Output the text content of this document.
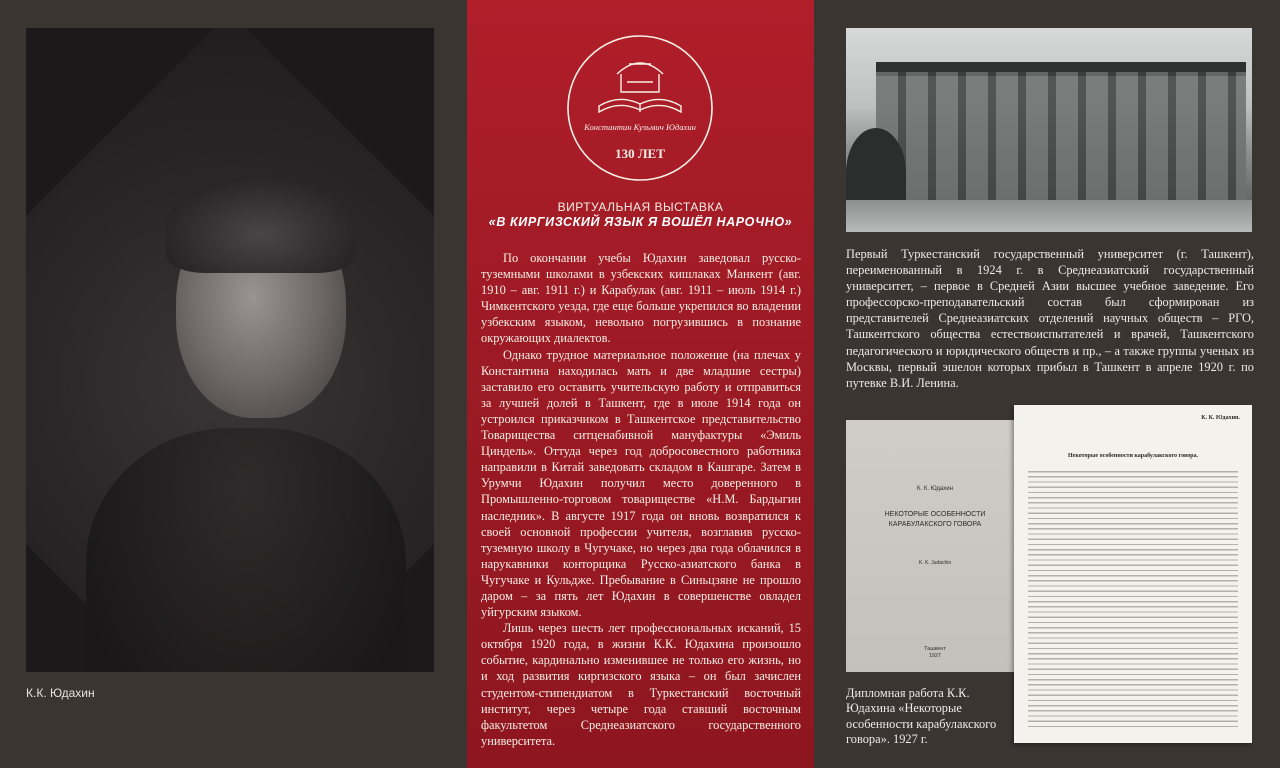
К.К. Юдахин
Константин Кузьмич Юдахин
130 ЛЕТ
ВИРТУАЛЬНАЯ ВЫСТАВКА
«В КИРГИЗСКИЙ ЯЗЫК Я ВОШЁЛ НАРОЧНО»

По окончании учебы Юдахин заведовал русско-туземными школами в узбекских кишлаках Манкент (авг. 1910 – авг. 1911 г.) и Карабулак (авг. 1911 – июль 1914 г.) Чимкентского уезда, где еще больше укрепился во владении узбекским языком, невольно погрузившись в познание окружающих диалектов.

Однако трудное материальное положение (на плечах у Константина находилась мать и две младшие сестры) заставило его оставить учительскую работу и отправиться за лучшей долей в Ташкент, где в июле 1914 года он устроился приказчиком в Ташкентское представительство Товарищества ситценабивной мануфактуры «Эмиль Циндель». Оттуда через год добросовестного работника направили в Китай заведовать складом в Кашгаре. Затем в Урумчи Юдахин получил место доверенного в Промышленно-торговом товариществе «Н.М. Бардыгин наследник». В августе 1917 года он вновь возвратился к своей основной профессии учителя, возглавив русско-туземную школу в Чугучаке, но через два года облачился в нарукавники конторщика Русско-азиатского банка в Чугучаке и Кульдже. Пребывание в Синьцзяне не прошло даром – за пять лет Юдахин в совершенстве овладел уйгурским языком.

Лишь через шесть лет профессиональных исканий, 15 октября 1920 года, в жизни К.К. Юдахина произошло событие, кардинально изменившее не только его жизнь, но и ход развития киргизского языка – он был зачислен студентом-стипендиатом в Туркестанский восточный институт, через четыре года ставший восточным факультетом Среднеазиатского государственного университета.

Первый Туркестанский государственный университет (г. Ташкент), переименованный в 1924 г. в Среднеазиатский государственный университет, – первое в Средней Азии высшее учебное заведение. Его профессорско-преподавательский состав был сформирован из представителей Среднеазиатских отделений научных обществ – РГО, Ташкентского общества естествоиспытателей и врачей, Ташкентского педагогического и юридического обществ и пр., – а также группы ученых из Москвы, первый эшелон которых прибыл в Ташкент в апреле 1920 г. по путевке В.И. Ленина.
К. К. Юдахин
НЕКОТОРЫЕ ОСОБЕННОСТИ КАРАБУЛАКСКОГО ГОВОРА
K. K. Judachin
Ташкент
1927
К. К. Юдахин.
Некоторые особенности карабулакского говора.
Дипломная работа К.К. Юдахина «Некоторые особенности карабулакского говора». 1927 г.
